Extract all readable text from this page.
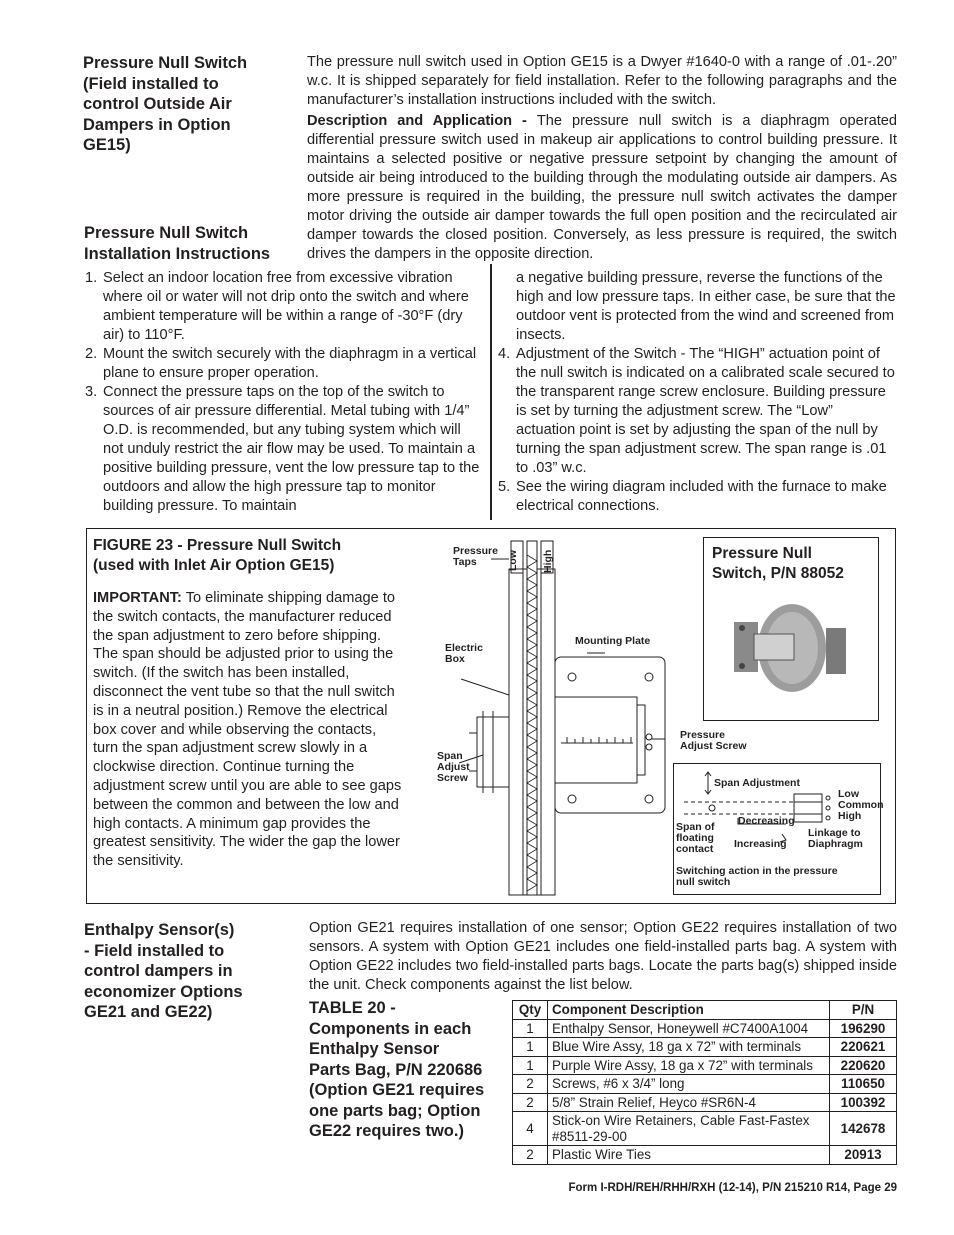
Pressure Null Switch
(Field installed to
control Outside Air
Dampers in Option
GE15)
The pressure null switch used in Option GE15 is a Dwyer #1640-0 with a range of .01-.20” w.c. It is shipped separately for field installation. Refer to the following paragraphs and the manufacturer’s installation instructions included with the switch.
Description and Application - The pressure null switch is a diaphragm operated differential pressure switch used in makeup air applications to control building pressure. It maintains a selected positive or negative pressure setpoint by changing the amount of outside air being introduced to the building through the modulating outside air dampers. As more pressure is required in the building, the pressure null switch activates the damper motor driving the outside air damper towards the full open position and the recirculated air damper towards the closed position. Conversely, as less pressure is required, the switch drives the dampers in the opposite direction.
Pressure Null Switch
Installation Instructions
1. Select an indoor location free from excessive vibration where oil or water will not drip onto the switch and where ambient temperature will be within a range of -30°F (dry air) to 110°F.
2. Mount the switch securely with the diaphragm in a vertical plane to ensure proper operation.
3. Connect the pressure taps on the top of the switch to sources of air pressure differential. Metal tubing with 1/4” O.D. is recommended, but any tubing system which will not unduly restrict the air flow may be used. To maintain a positive building pressure, vent the low pressure tap to the outdoors and allow the high pressure tap to monitor building pressure. To maintain
a negative building pressure, reverse the functions of the high and low pressure taps. In either case, be sure that the outdoor vent is protected from the wind and screened from insects.
4. Adjustment of the Switch - The “HIGH” actuation point of the null switch is indicated on a calibrated scale secured to the transparent range screw enclosure. Building pressure is set by turning the adjustment screw. The “Low” actuation point is set by adjusting the span of the null by turning the span adjustment screw. The span range is .01 to .03” w.c.
5. See the wiring diagram included with the furnace to make electrical connections.
FIGURE 23 - Pressure Null Switch
(used with Inlet Air Option GE15)
IMPORTANT: To eliminate shipping damage to the switch contacts, the manufacturer reduced the span adjustment to zero before shipping. The span should be adjusted prior to using the switch. (If the switch has been installed, disconnect the vent tube so that the null switch is in a neutral position.) Remove the electrical box cover and while observing the contacts, turn the span adjustment screw slowly in a clockwise direction. Continue turning the adjustment screw until you are able to see gaps between the common and between the low and high contacts. A minimum gap provides the greatest sensitivity. The wider the gap the lower the sensitivity.
Pressure
Taps	Low High
Electric
Box
Mounting Plate
Span
Adjust
Screw
Pressure
Adjust Screw
Pressure Null
Switch, P/N 88052
Span Adjustment
Low
Common
High
Decreasing
Increasing
Span of
floating
contact
Linkage to
Diaphragm
Switching action in the pressure
null switch
Enthalpy Sensor(s)
- Field installed to
control dampers in
economizer Options
GE21 and GE22)
Option GE21 requires installation of one sensor; Option GE22 requires installation of two sensors. A system with Option GE21 includes one field-installed parts bag. A system with Option GE22 includes two field-installed parts bags. Locate the parts bag(s) shipped inside the unit. Check components against the list below.
TABLE 20 -
Components in each
Enthalpy Sensor
Parts Bag, P/N 220686
(Option GE21 requires
one parts bag; Option
GE22 requires two.)
Qty	Component Description	P/N
1	Enthalpy Sensor, Honeywell #C7400A1004	196290
1	Blue Wire Assy, 18 ga x 72” with terminals	220621
1	Purple Wire Assy, 18 ga x 72” with terminals	220620
2	Screws, #6 x 3/4” long	110650
2	5/8” Strain Relief, Heyco #SR6N-4	100392
4	Stick-on Wire Retainers, Cable Fast-Fastex #8511-29-00	142678
2	Plastic Wire Ties	20913
Form I-RDH/REH/RHH/RXH (12-14), P/N 215210 R14, Page 29
